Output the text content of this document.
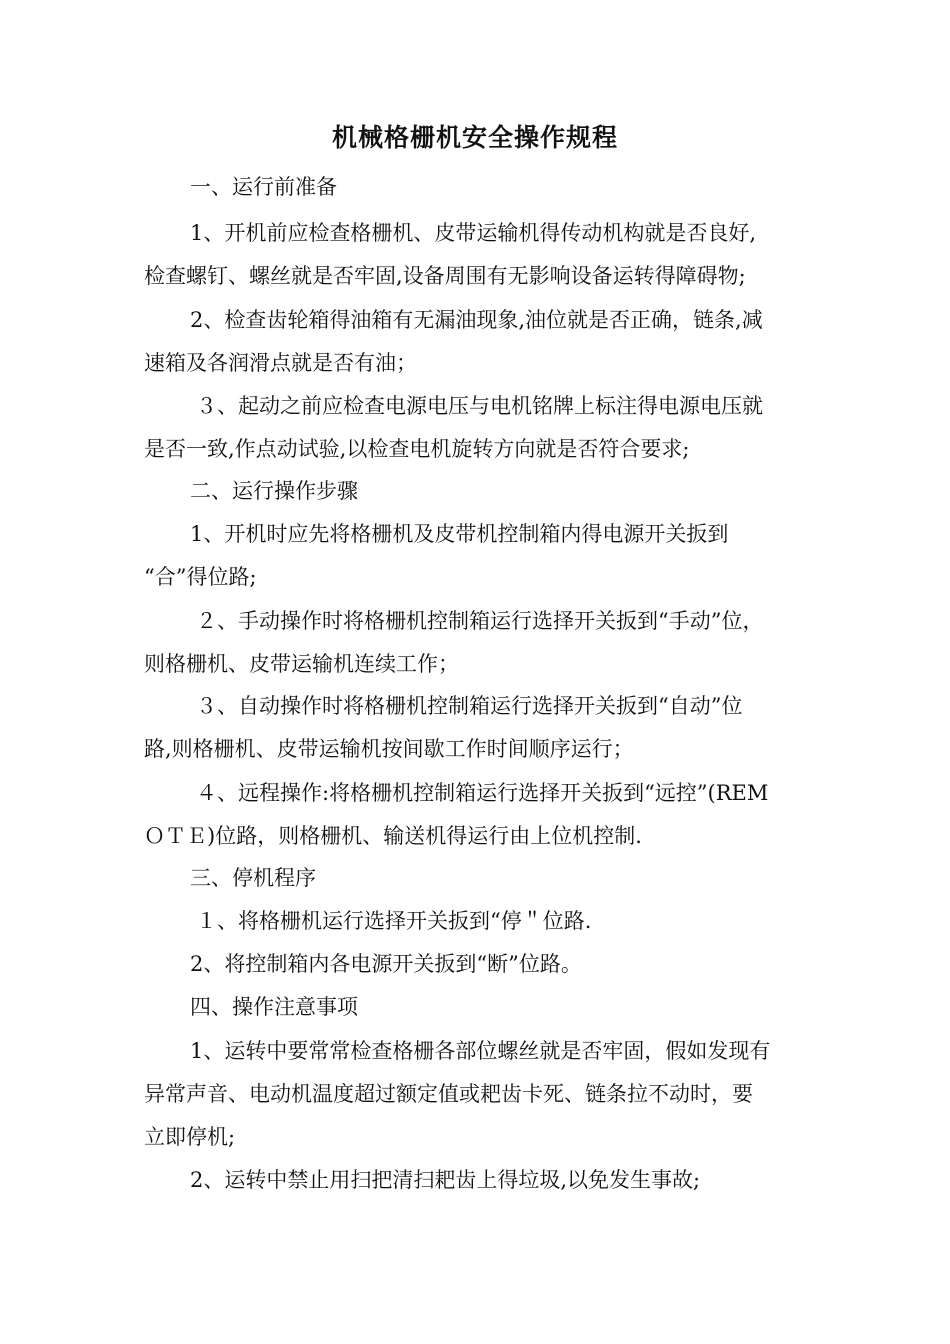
机械格栅机安全操作规程

一、运行前准备

1、开机前应检查格栅机、皮带运输机得传动机构就是否良好,

检查螺钉、螺丝就是否牢固,设备周围有无影响设备运转得障碍物;

2、检查齿轮箱得油箱有无漏油现象,油位就是否正确，链条,减

速箱及各润滑点就是否有油；

３、起动之前应检查电源电压与电机铭牌上标注得电源电压就

是否一致,作点动试验,以检查电机旋转方向就是否符合要求;

二、运行操作步骤

1、开机时应先将格栅机及皮带机控制箱内得电源开关扳到

“合”得位路;

２、手动操作时将格栅机控制箱运行选择开关扳到“手动”位，

则格栅机、皮带运输机连续工作；

３、自动操作时将格栅机控制箱运行选择开关扳到“自动”位

路,则格栅机、皮带运输机按间歇工作时间顺序运行；

４、远程操作:将格栅机控制箱运行选择开关扳到“远控”(REM

ＯＴＥ)位路，则格栅机、输送机得运行由上位机控制.

三、停机程序

１、将格栅机运行选择开关扳到“停＂位路.

2、将控制箱内各电源开关扳到“断”位路。

四、操作注意事项

1、运转中要常常检查格栅各部位螺丝就是否牢固，假如发现有

异常声音、电动机温度超过额定值或耙齿卡死、链条拉不动时，要

立即停机;

2、运转中禁止用扫把清扫耙齿上得垃圾,以免发生事故;
